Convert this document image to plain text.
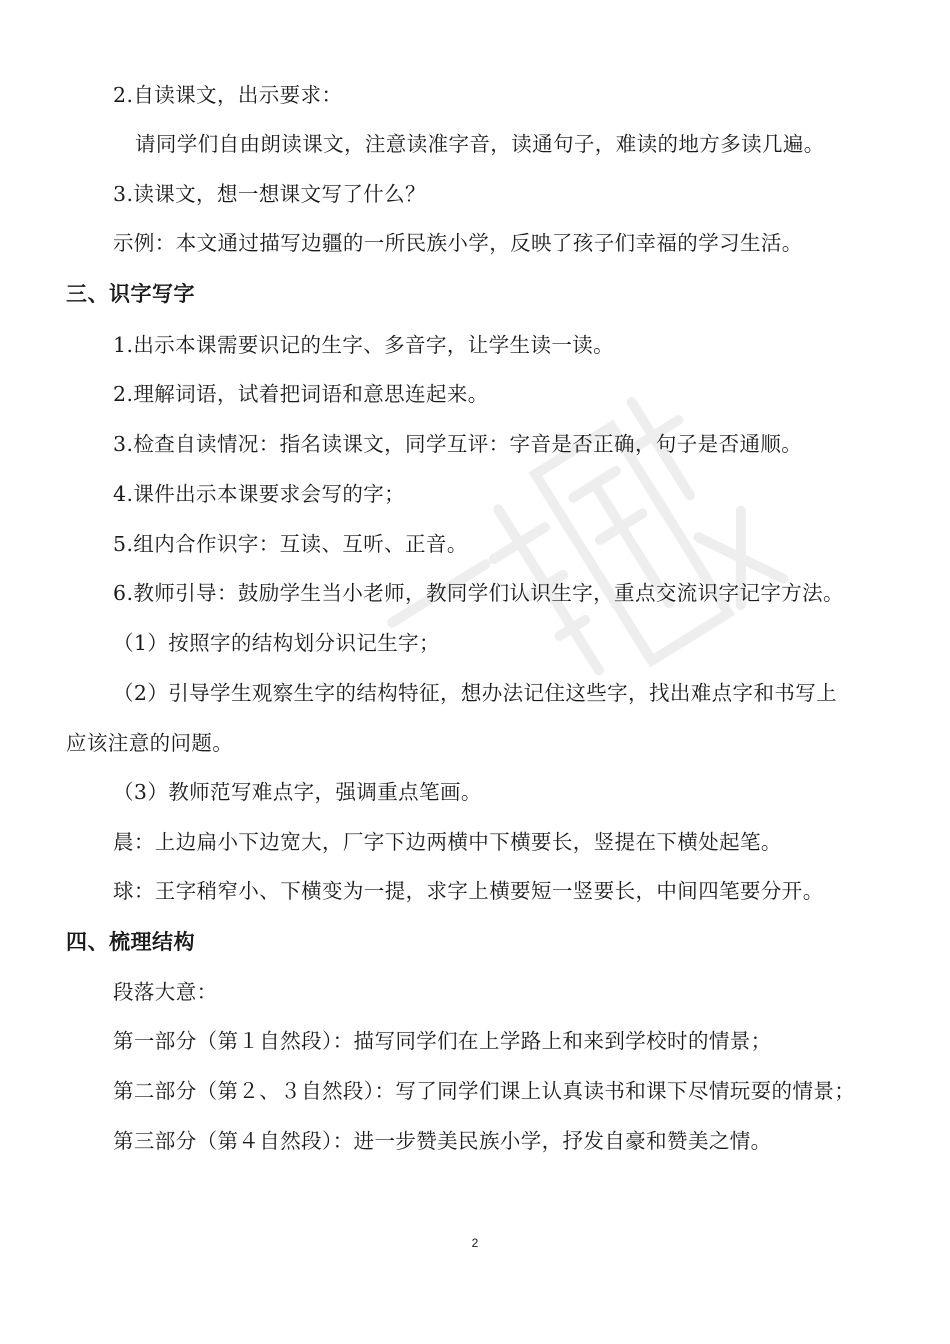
2.自读课文，出示要求：
请同学们自由朗读课文，注意读准字音，读通句子，难读的地方多读几遍。
3.读课文，想一想课文写了什么？
示例：本文通过描写边疆的一所民族小学，反映了孩子们幸福的学习生活。
三、识字写字
1.出示本课需要识记的生字、多音字，让学生读一读。
2.理解词语，试着把词语和意思连起来。
3.检查自读情况：指名读课文，同学互评：字音是否正确，句子是否通顺。
4.课件出示本课要求会写的字；
5.组内合作识字：互读、互听、正音。
6.教师引导：鼓励学生当小老师，教同学们认识生字，重点交流识字记字方法。
（1）按照字的结构划分识记生字；
（2）引导学生观察生字的结构特征，想办法记住这些字，找出难点字和书写上
应该注意的问题。
（3）教师范写难点字，强调重点笔画。
晨：上边扁小下边宽大，厂字下边两横中下横要长，竖提在下横处起笔。
球：王字稍窄小、下横变为一提，求字上横要短一竖要长，中间四笔要分开。
四、梳理结构
段落大意：
第一部分（第１自然段）：描写同学们在上学路上和来到学校时的情景；
第二部分（第２、３自然段）：写了同学们课上认真读书和课下尽情玩耍的情景；
第三部分（第４自然段）：进一步赞美民族小学，抒发自豪和赞美之情。
2
